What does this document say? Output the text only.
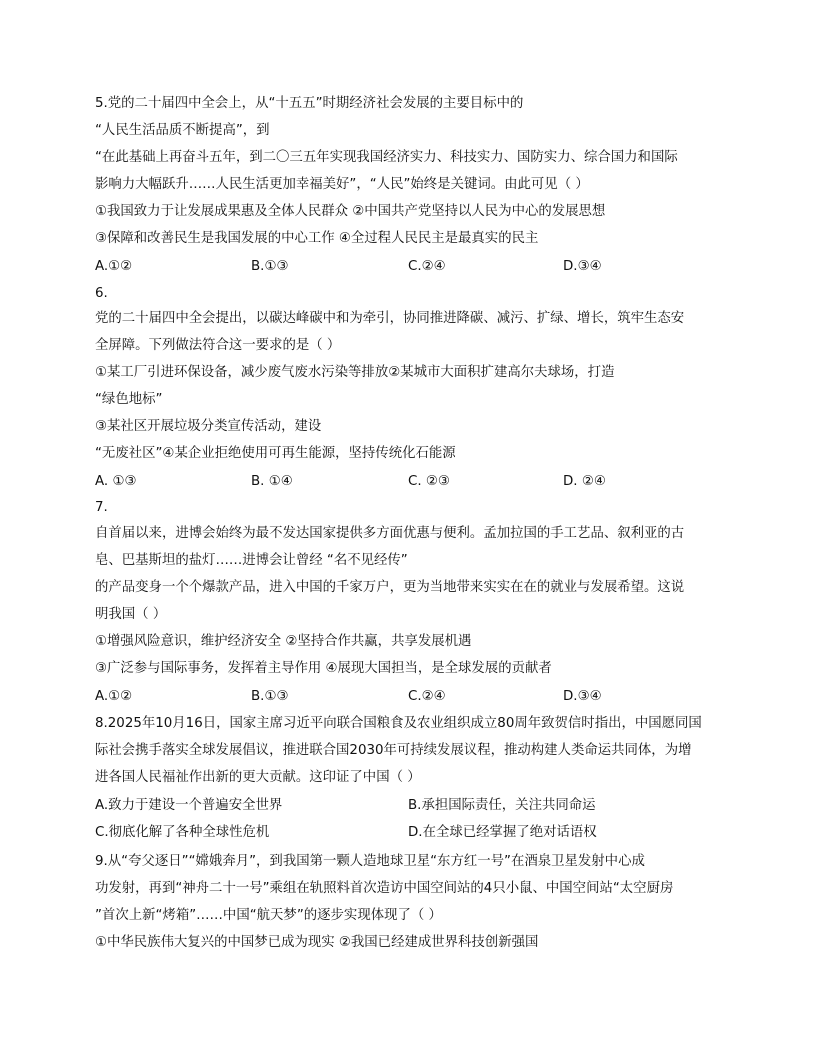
5.党的二十届四中全会上，从“十五五”时期经济社会发展的主要目标中的
“人民生活品质不断提高”，到
“在此基础上再奋斗五年，到二〇三五年实现我国经济实力、科技实力、国防实力、综合国力和国际
影响力大幅跃升……人民生活更加幸福美好”，“人民”始终是关键词。由此可见（ ）
①我国致力于让发展成果惠及全体人民群众 ②中国共产党坚持以人民为中心的发展思想
③保障和改善民生是我国发展的中心工作 ④全过程人民民主是最真实的民主
A.①②	B.①③	C.②④	D.③④
6.
党的二十届四中全会提出，以碳达峰碳中和为牵引，协同推进降碳、减污、扩绿、增长，筑牢生态安
全屏障。下列做法符合这一要求的是（ ）
①某工厂引进环保设备，减少废气废水污染等排放②某城市大面积扩建高尔夫球场，打造
“绿色地标”
③某社区开展垃圾分类宣传活动，建设
“无废社区”④某企业拒绝使用可再生能源，坚持传统化石能源
A. ①③	B. ①④	C. ②③	D. ②④
7.
自首届以来，进博会始终为最不发达国家提供多方面优惠与便利。孟加拉国的手工艺品、叙利亚的古
皂、巴基斯坦的盐灯……进博会让曾经 “名不见经传”
的产品变身一个个爆款产品，进入中国的千家万户，更为当地带来实实在在的就业与发展希望。这说
明我国（ ）
①增强风险意识，维护经济安全 ②坚持合作共赢，共享发展机遇
③广泛参与国际事务，发挥着主导作用 ④展现大国担当，是全球发展的贡献者
A.①②	B.①③	C.②④	D.③④
8.2025年10月16日，国家主席习近平向联合国粮食及农业组织成立80周年致贺信时指出，中国愿同国
际社会携手落实全球发展倡议，推进联合国2030年可持续发展议程，推动构建人类命运共同体，为增
进各国人民福祉作出新的更大贡献。这印证了中国（ ）
A.致力于建设一个普遍安全世界	B.承担国际责任，关注共同命运
C.彻底化解了各种全球性危机	D.在全球已经掌握了绝对话语权
9.从“夸父逐日”“嫦娥奔月”，到我国第一颗人造地球卫星“东方红一号”在酒泉卫星发射中心成
功发射，再到“神舟二十一号”乘组在轨照料首次造访中国空间站的4只小鼠、中国空间站“太空厨房
”首次上新“烤箱”……中国“航天梦”的逐步实现体现了（ ）
①中华民族伟大复兴的中国梦已成为现实 ②我国已经建成世界科技创新强国
